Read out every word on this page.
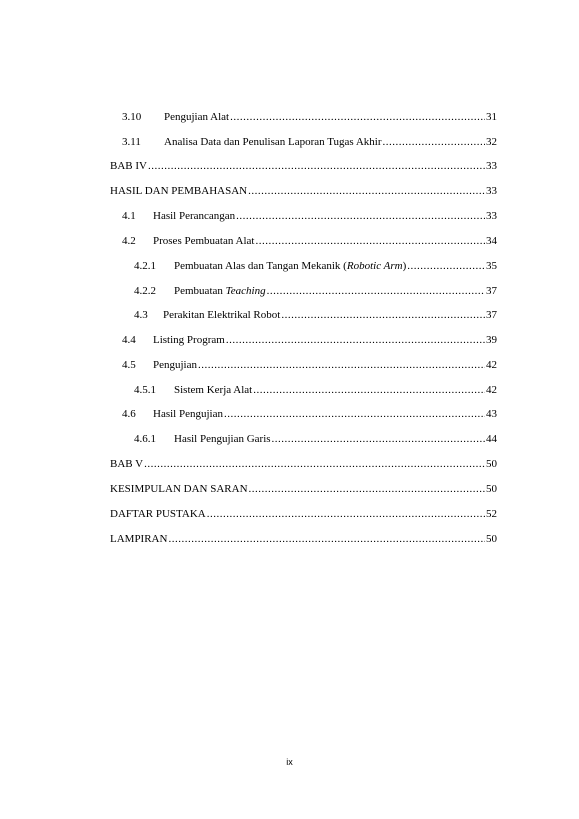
3.10	Pengujian Alat .....	31
3.11	Analisa Data dan Penulisan Laporan Tugas Akhir .....	32
BAB IV .....	33
HASIL DAN PEMBAHASAN .....	33
4.1	Hasil Perancangan .....	33
4.2	Proses Pembuatan Alat .....	34
4.2.1	Pembuatan Alas dan Tangan Mekanik (Robotic Arm) .....	35
4.2.2	Pembuatan Teaching .....	37
4.3	Perakitan Elektrikal Robot .....	37
4.4	Listing Program .....	39
4.5	Pengujian .....	42
4.5.1	Sistem Kerja Alat .....	42
4.6	Hasil Pengujian .....	43
4.6.1	Hasil Pengujian Garis .....	44
BAB V .....	50
KESIMPULAN DAN SARAN .....	50
DAFTAR PUSTAKA .....	52
LAMPIRAN .....	50
ix
